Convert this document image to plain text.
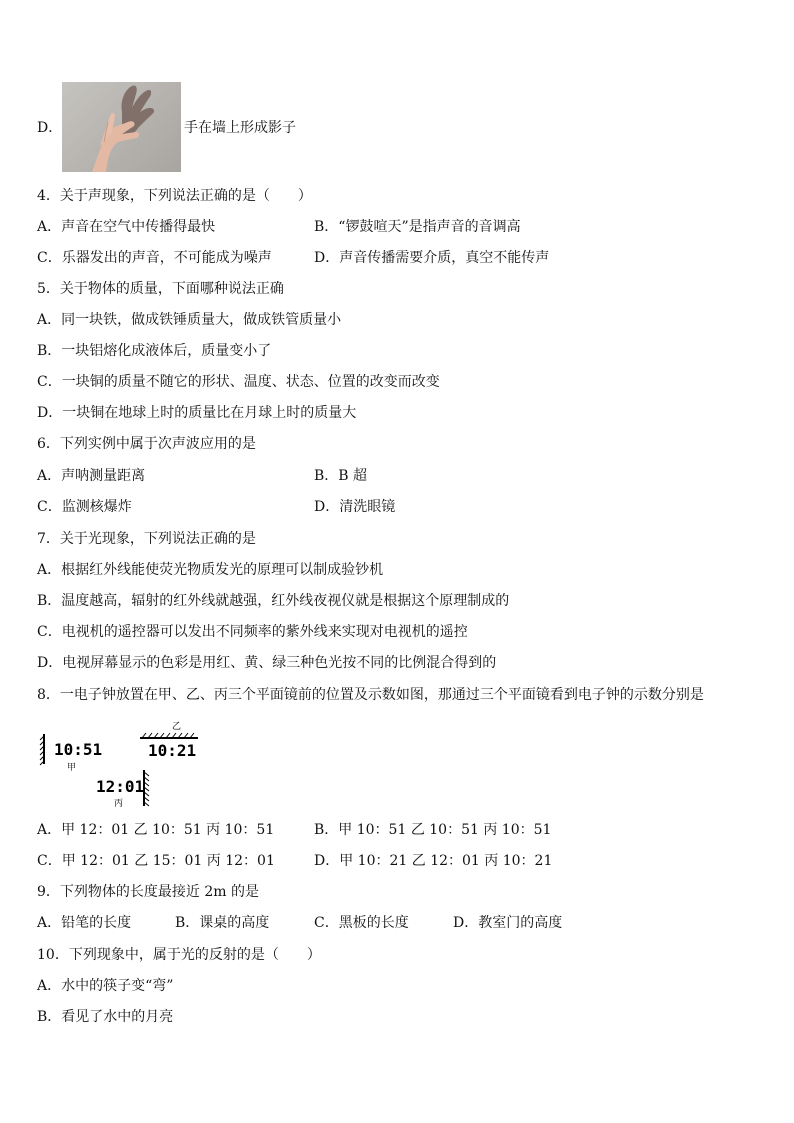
D．	手在墙上形成影子
4．关于声现象，下列说法正确的是（　　）
A．声音在空气中传播得最快	B．“锣鼓喧天”是指声音的音调高
C．乐器发出的声音，不可能成为噪声	D．声音传播需要介质，真空不能传声
5．关于物体的质量，下面哪种说法正确
A．同一块铁，做成铁锤质量大，做成铁管质量小
B．一块铝熔化成液体后，质量变小了
C．一块铜的质量不随它的形状、温度、状态、位置的改变而改变
D．一块铜在地球上时的质量比在月球上时的质量大
6．下列实例中属于次声波应用的是
A．声呐测量距离	B．B 超
C．监测核爆炸	D．清洗眼镜
7．关于光现象，下列说法正确的是
A．根据红外线能使荧光物质发光的原理可以制成验钞机
B．温度越高，辐射的红外线就越强，红外线夜视仪就是根据这个原理制成的
C．电视机的遥控器可以发出不同频率的紫外线来实现对电视机的遥控
D．电视屏幕显示的色彩是用红、黄、绿三种色光按不同的比例混合得到的
8．一电子钟放置在甲、乙、丙三个平面镜前的位置及示数如图，那通过三个平面镜看到电子钟的示数分别是
10:51
甲
乙
10:21
12:01
丙
A．甲 12：01 乙 10：51 丙 10：51	B．甲 10：51 乙 10：51 丙 10：51
C．甲 12：01 乙 15：01 丙 12：01	D．甲 10：21 乙 12：01 丙 10：21
9．下列物体的长度最接近 2m 的是
A．铅笔的长度	B．课桌的高度	C．黑板的长度	D．教室门的高度
10．下列现象中，属于光的反射的是（　　）
A．水中的筷子变“弯”
B．看见了水中的月亮
